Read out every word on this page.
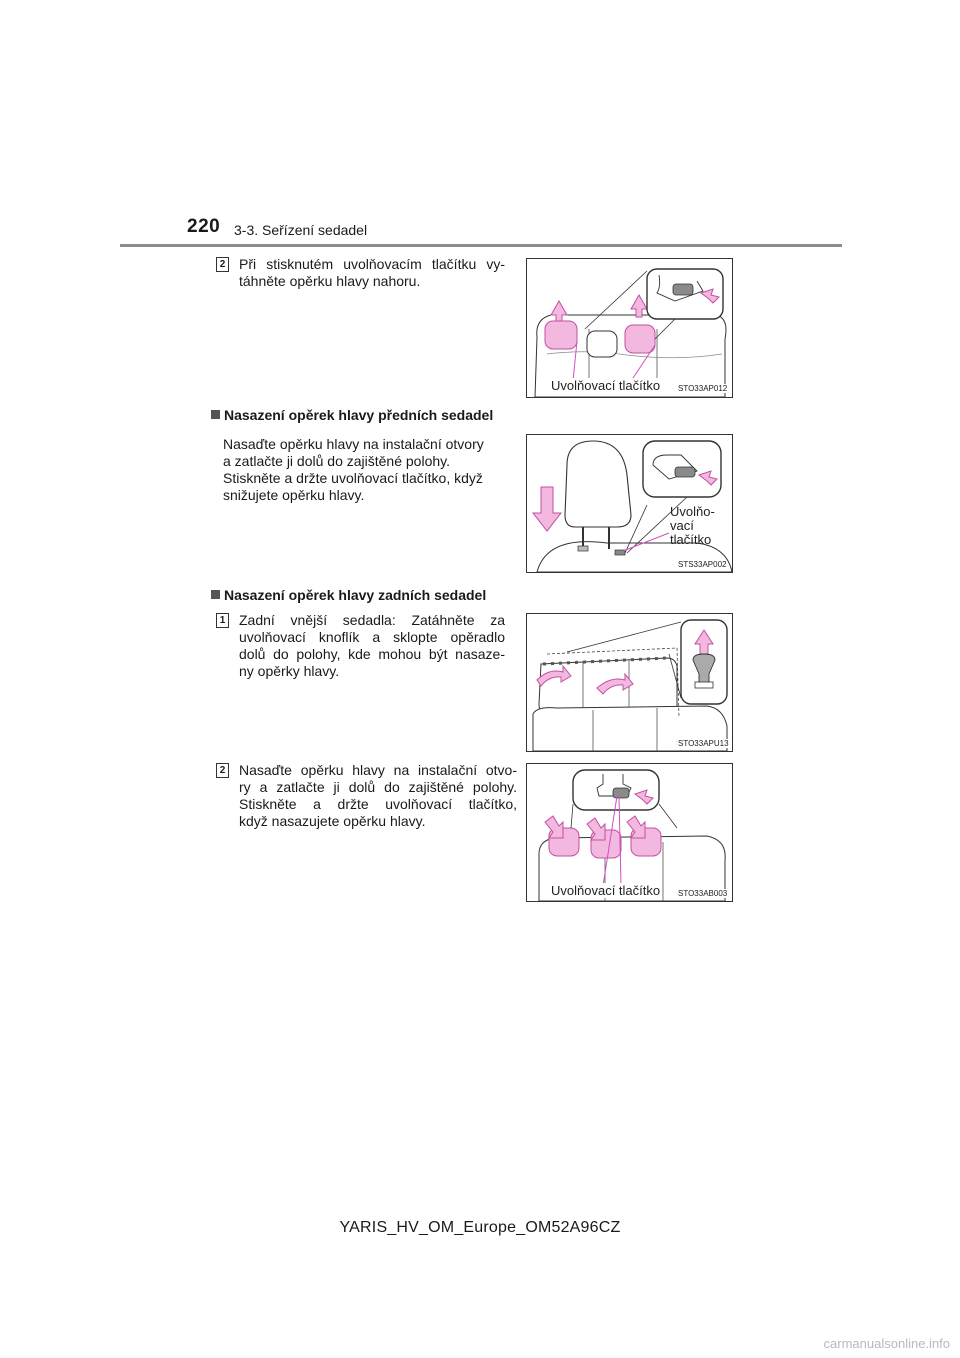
220 3-3. Seřízení sedadel
2 Při stisknutém uvolňovacím tlačítku vy-
táhněte opěrku hlavy nahoru.
Uvolňovací tlačítko STO33AP012
Nasazení opěrek hlavy předních sedadel
Nasaďte opěrku hlavy na instalační otvory
a zatlačte ji dolů do zajištěné polohy.
Stiskněte a držte uvolňovací tlačítko, když
snižujete opěrku hlavy.
Uvolňo-
vací
tlačítko
STS33AP002
Nasazení opěrek hlavy zadních sedadel
1 Zadní vnější sedadla: Zatáhněte za
uvolňovací knoflík a sklopte opěradlo
dolů do polohy, kde mohou být nasaze-
ny opěrky hlavy.
STO33APU13
2 Nasaďte opěrku hlavy na instalační otvo-
ry a zatlačte ji dolů do zajištěné polohy.
Stiskněte a držte uvolňovací tlačítko,
když nasazujete opěrku hlavy.
Uvolňovací tlačítko STO33AB003
YARIS_HV_OM_Europe_OM52A96CZ
carmanualsonline.info
